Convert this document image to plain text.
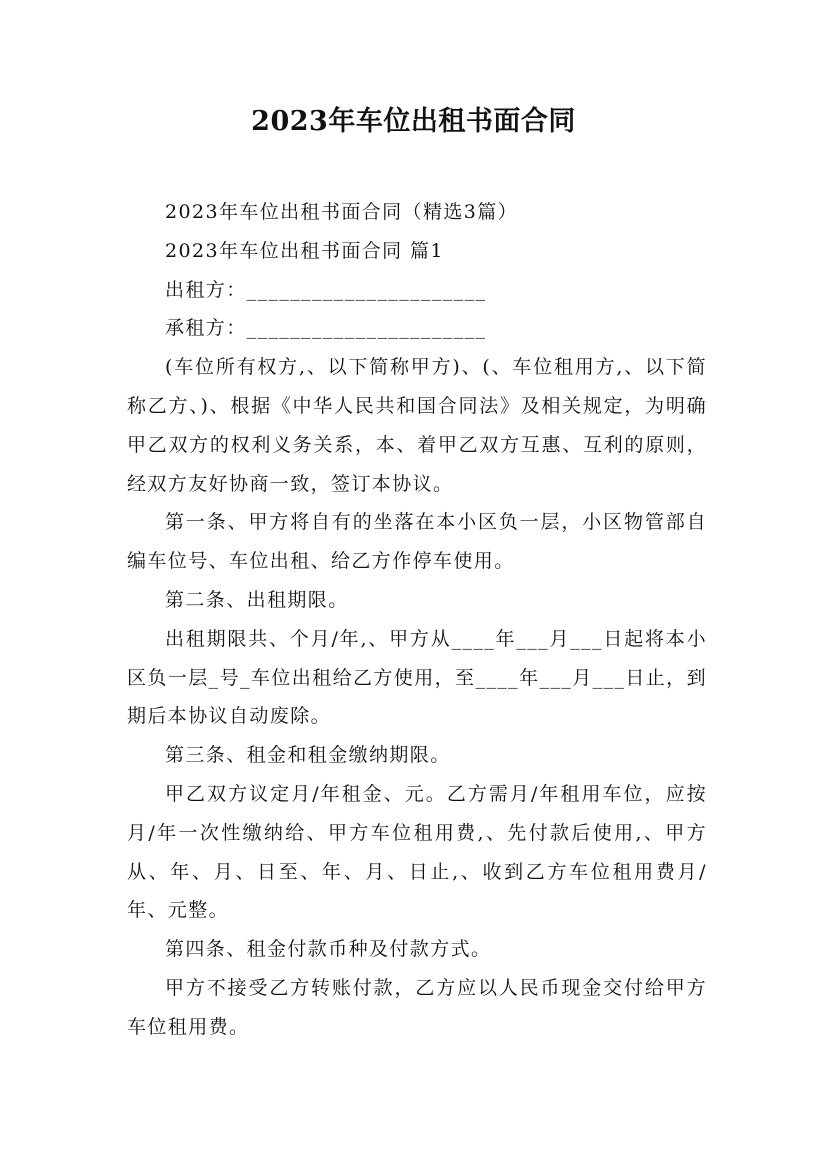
2023年车位出租书面合同

2023年车位出租书面合同（精选3篇）

2023年车位出租书面合同 篇1

出租方：______________________

承租方：______________________

(车位所有权方,、以下简称甲方)、(、车位租用方,、以下简称乙方、)、根据《中华人民共和国合同法》及相关规定，为明确甲乙双方的权利义务关系，本、着甲乙双方互惠、互利的原则，经双方友好协商一致，签订本协议。

第一条、甲方将自有的坐落在本小区负一层，小区物管部自编车位号、车位出租、给乙方作停车使用。

第二条、出租期限。

出租期限共、个月/年,、甲方从____年___月___日起将本小区负一层_号_车位出租给乙方使用，至____年___月___日止，到期后本协议自动废除。

第三条、租金和租金缴纳期限。

甲乙双方议定月/年租金、元。乙方需月/年租用车位，应按月/年一次性缴纳给、甲方车位租用费,、先付款后使用,、甲方从、年、月、日至、年、月、日止,、收到乙方车位租用费月/年、元整。

第四条、租金付款币种及付款方式。

甲方不接受乙方转账付款，乙方应以人民币现金交付给甲方车位租用费。
